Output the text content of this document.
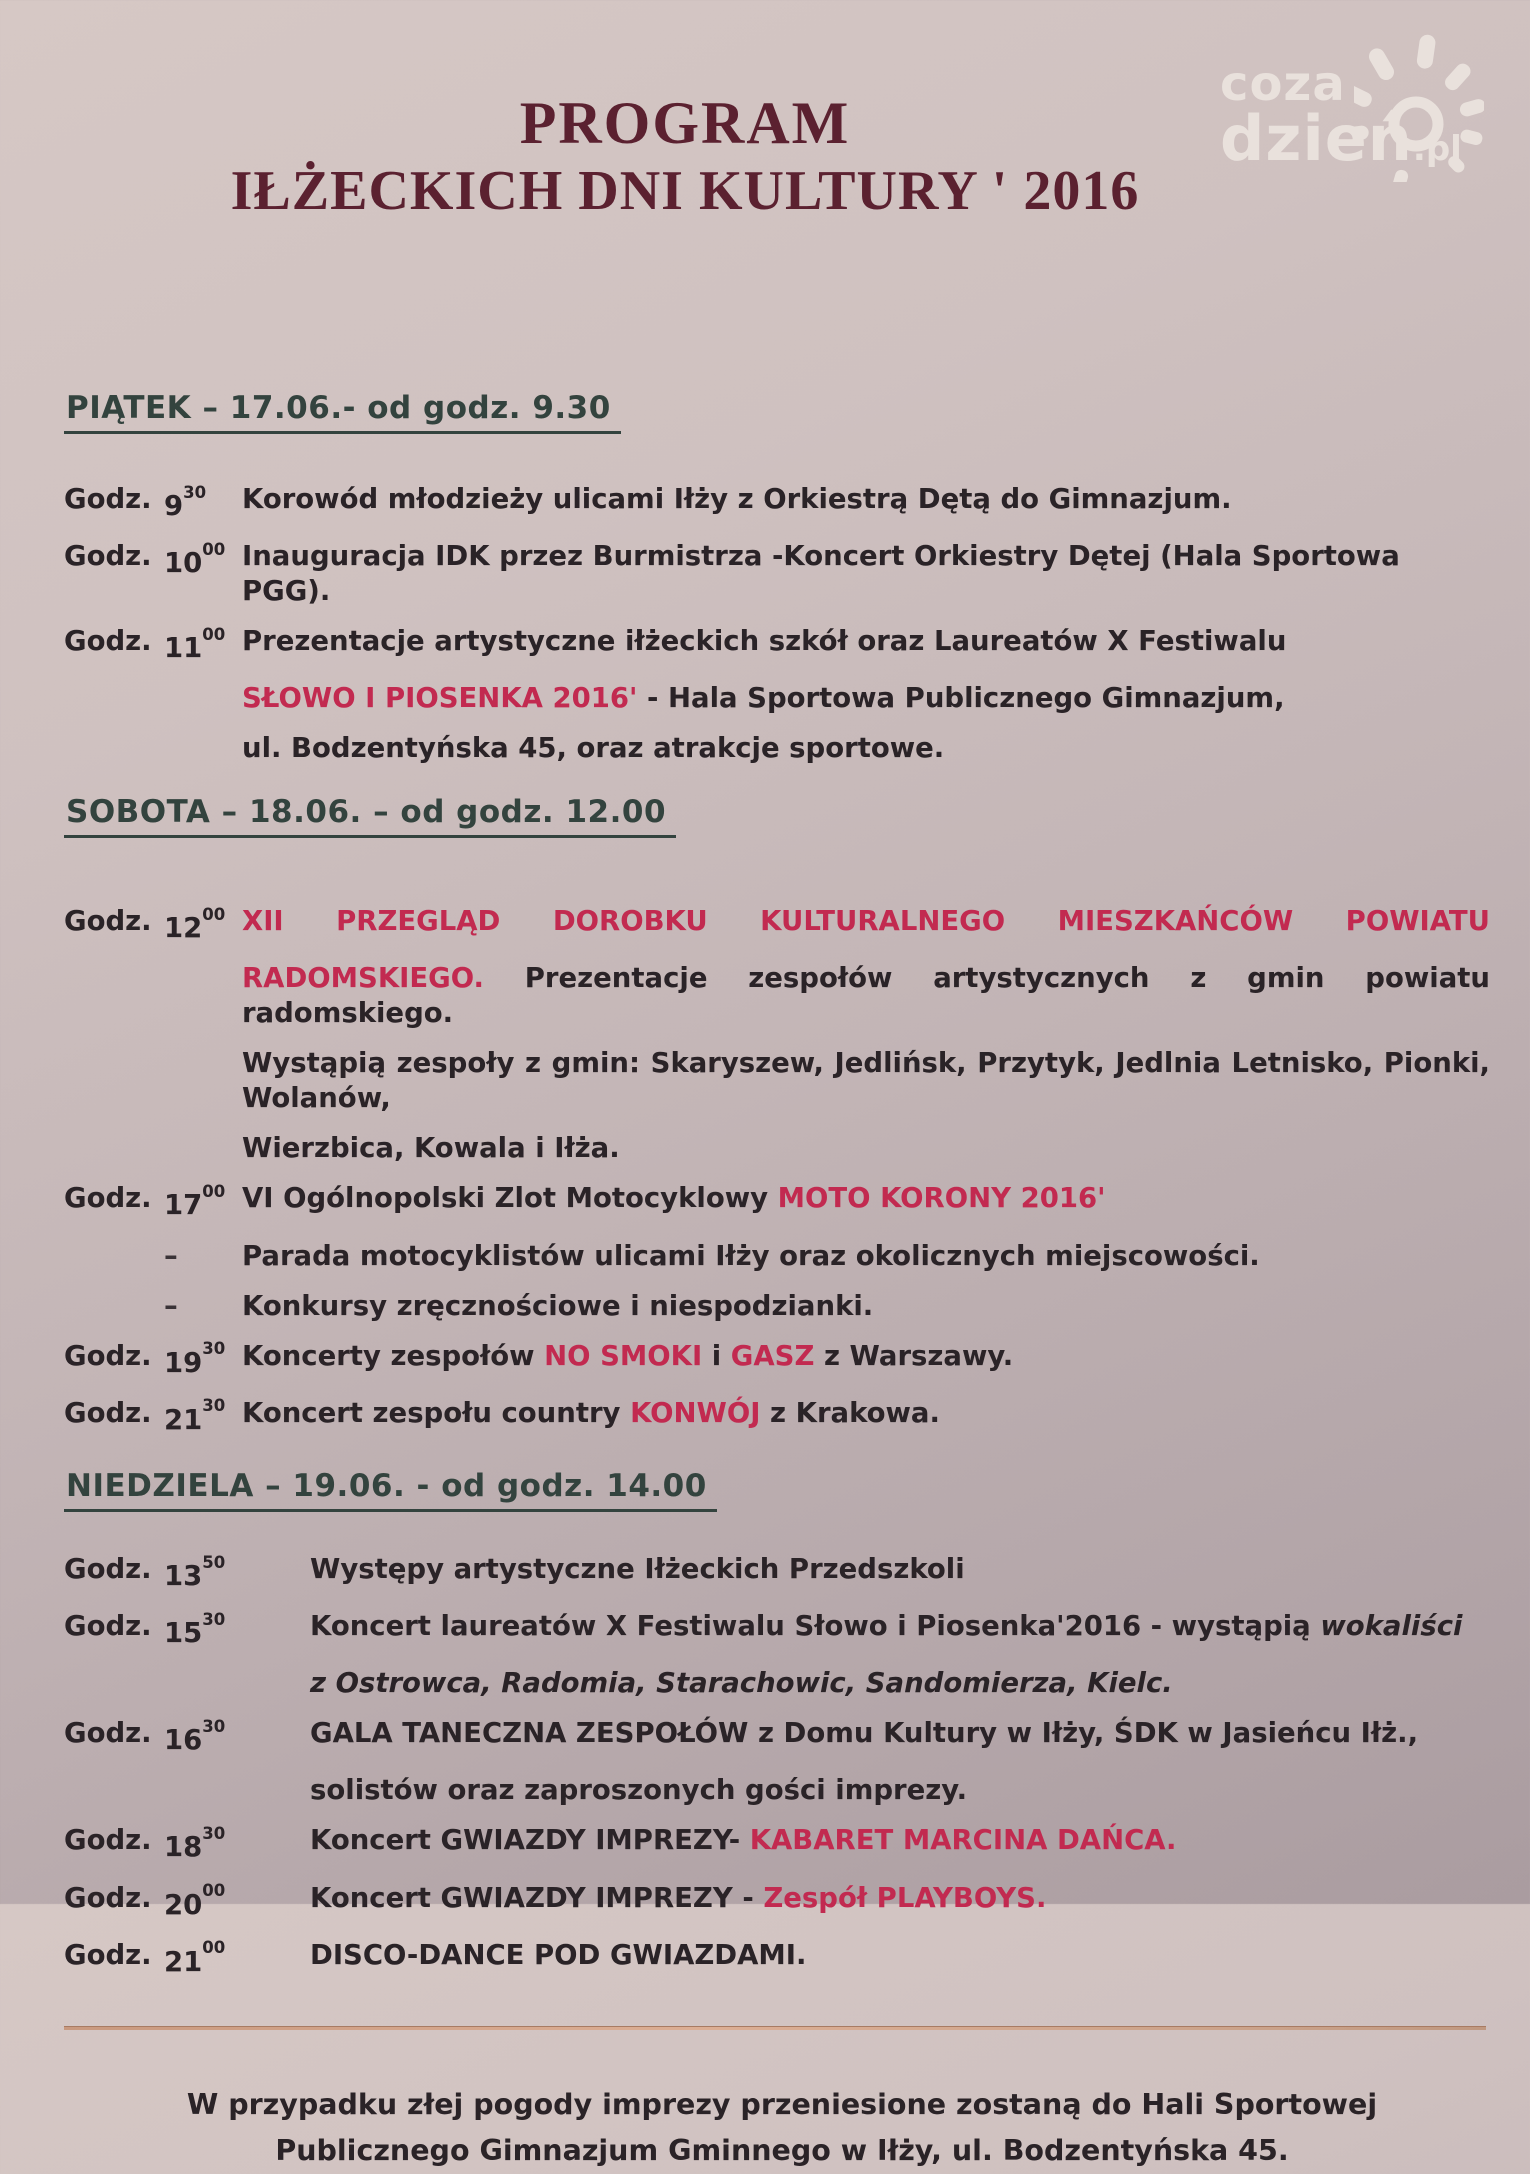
coza
dzień.pl
PROGRAM
IŁŻECKICH DNI KULTURY ' 2016
PIĄTEK – 17.06.- od godz. 9.30
Godz. $9^{30}$	Korowód młodzieży ulicami Iłży z Orkiestrą Dętą do Gimnazjum.
Godz. $10^{00}$ Inauguracja IDK przez Burmistrza -Koncert Orkiestry Dętej (Hala Sportowa PGG).
Godz. $11^{00}$ Prezentacje artystyczne iłżeckich szkół oraz Laureatów X Festiwalu
SŁOWO I PIOSENKA 2016' - Hala Sportowa Publicznego Gimnazjum,
ul. Bodzentyńska 45, oraz atrakcje sportowe.
SOBOTA – 18.06. – od godz. 12.00
Godz. $12^{00}$ XII PRZEGLĄD DOROBKU KULTURALNEGO MIESZKAŃCÓW POWIATU
RADOMSKIEGO. Prezentacje zespołów artystycznych z gmin powiatu radomskiego.
Wystąpią zespoły z gmin: Skaryszew, Jedlińsk, Przytyk, Jedlnia Letnisko, Pionki, Wolanów,
Wierzbica, Kowala i Iłża.
Godz. $17^{00}$ VI Ogólnopolski Zlot Motocyklowy MOTO KORONY 2016'
–	Parada motocyklistów ulicami Iłży oraz okolicznych miejscowości.
–	Konkursy zręcznościowe i niespodzianki.
Godz. $19^{30}$ Koncerty zespołów NO SMOKI i GASZ z Warszawy.
Godz. $21^{30}$ Koncert zespołu country KONWÓJ z Krakowa.
NIEDZIELA – 19.06. - od godz. 14.00
Godz. $13^{50}$	Występy artystyczne Iłżeckich Przedszkoli
Godz. $15^{30}$	Koncert laureatów X Festiwalu Słowo i Piosenka'2016 - wystąpią wokaliści
z Ostrowca, Radomia, Starachowic, Sandomierza, Kielc.
Godz. $16^{30}$	GALA TANECZNA ZESPOŁÓW z Domu Kultury w Iłży, ŚDK w Jasieńcu Iłż.,
solistów oraz zaproszonych gości imprezy.
Godz. $18^{30}$	Koncert GWIAZDY IMPREZY- KABARET MARCINA DAŃCA.
Godz. $20^{00}$	Koncert GWIAZDY IMPREZY - Zespół PLAYBOYS.
Godz. $21^{00}$	DISCO-DANCE POD GWIAZDAMI.
W przypadku złej pogody imprezy przeniesione zostaną do Hali Sportowej
Publicznego Gimnazjum Gminnego w Iłży, ul. Bodzentyńska 45.
